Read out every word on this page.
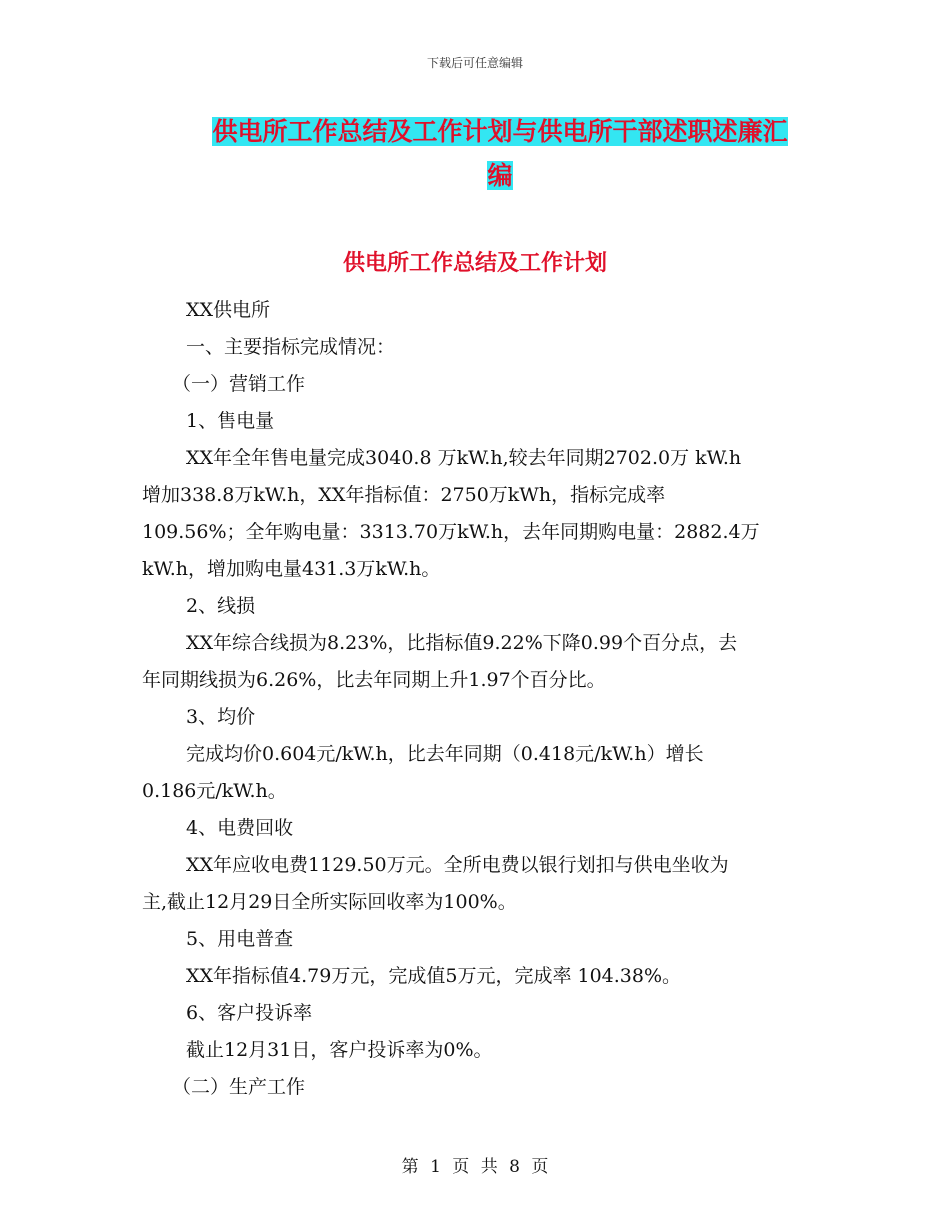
下载后可任意编辑
供电所工作总结及工作计划与供电所干部述职述廉汇
编
供电所工作总结及工作计划
XX供电所
一、主要指标完成情况：
（一）营销工作
1、售电量
XX年全年售电量完成3040.8 万kW.h,较去年同期2702.0万 kW.h
增加338.8万kW.h，XX年指标值：2750万kWh，指标完成率
109.56%；全年购电量：3313.70万kW.h，去年同期购电量：2882.4万
kW.h，增加购电量431.3万kW.h。
2、线损
XX年综合线损为8.23%，比指标值9.22%下降0.99个百分点，去
年同期线损为6.26%，比去年同期上升1.97个百分比。
3、均价
完成均价0.604元/kW.h，比去年同期（0.418元/kW.h）增长
0.186元/kW.h。
4、电费回收
XX年应收电费1129.50万元。全所电费以银行划扣与供电坐收为
主,截止12月29日全所实际回收率为100%。
5、用电普查
XX年指标值4.79万元，完成值5万元，完成率 104.38%。
6、客户投诉率
截止12月31日，客户投诉率为0%。
（二）生产工作
第 1 页 共 8 页
